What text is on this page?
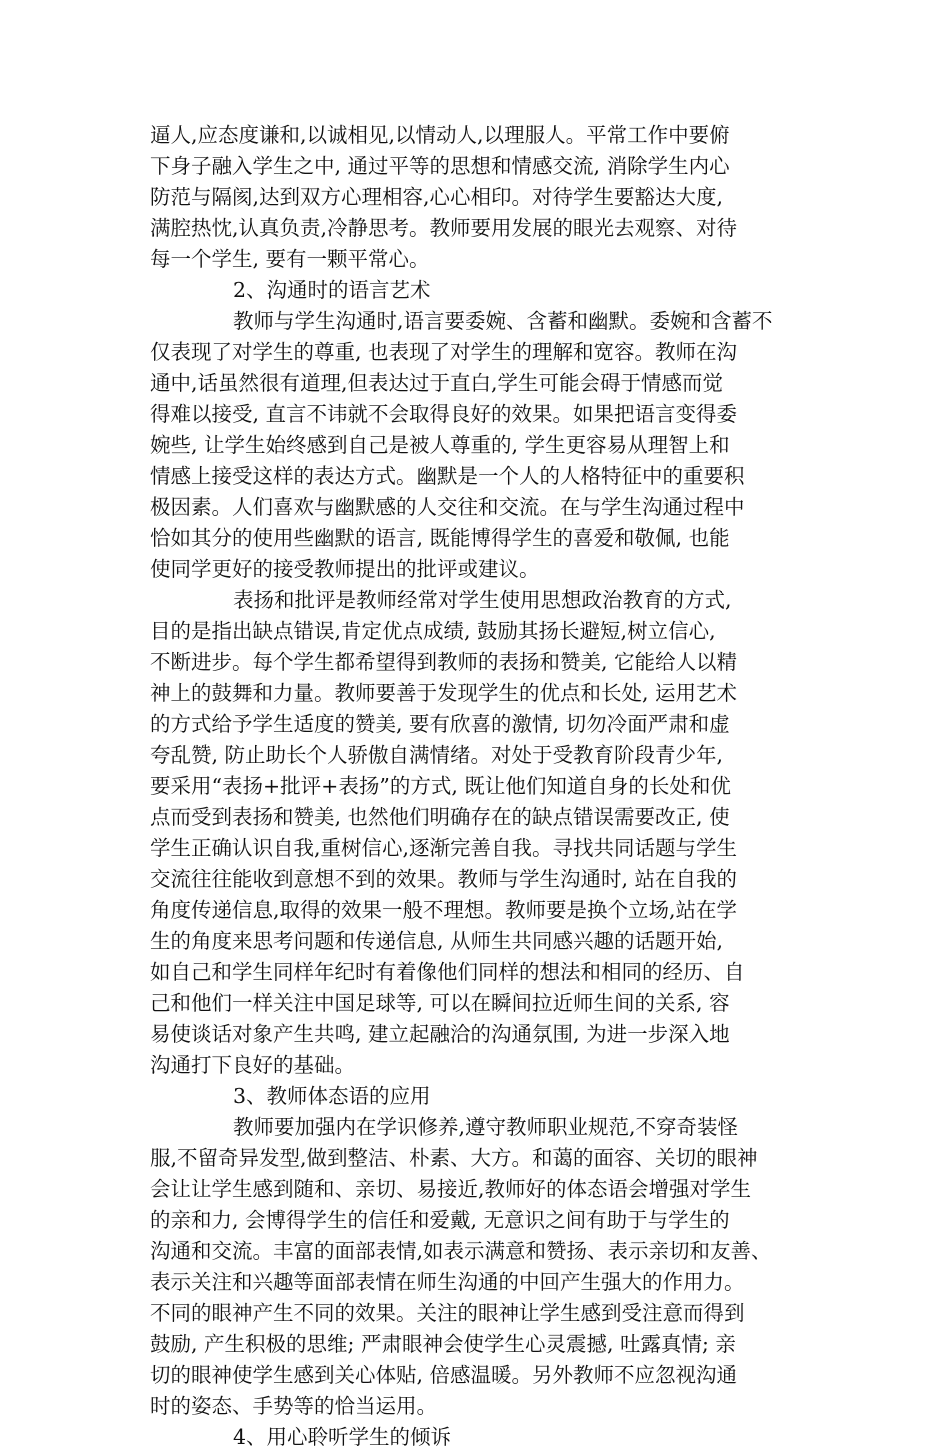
逼人,应态度谦和,以诚相见,以情动人,以理服人。平常工作中要俯
下身子融入学生之中, 通过平等的思想和情感交流, 消除学生内心
防范与隔阂,达到双方心理相容,心心相印。对待学生要豁达大度,
满腔热忱,认真负责,冷静思考。教师要用发展的眼光去观察、对待
每一个学生, 要有一颗平常心。
2、沟通时的语言艺术
教师与学生沟通时,语言要委婉、含蓄和幽默。委婉和含蓄不
仅表现了对学生的尊重, 也表现了对学生的理解和宽容。教师在沟
通中,话虽然很有道理,但表达过于直白,学生可能会碍于情感而觉
得难以接受, 直言不讳就不会取得良好的效果。如果把语言变得委
婉些, 让学生始终感到自己是被人尊重的, 学生更容易从理智上和
情感上接受这样的表达方式。幽默是一个人的人格特征中的重要积
极因素。人们喜欢与幽默感的人交往和交流。在与学生沟通过程中
恰如其分的使用些幽默的语言, 既能博得学生的喜爱和敬佩, 也能
使同学更好的接受教师提出的批评或建议。
表扬和批评是教师经常对学生使用思想政治教育的方式,
目的是指出缺点错误,肯定优点成绩, 鼓励其扬长避短,树立信心,
不断进步。每个学生都希望得到教师的表扬和赞美, 它能给人以精
神上的鼓舞和力量。教师要善于发现学生的优点和长处, 运用艺术
的方式给予学生适度的赞美, 要有欣喜的激情, 切勿冷面严肃和虚
夸乱赞, 防止助长个人骄傲自满情绪。对处于受教育阶段青少年,
要采用“表扬+批评+表扬”的方式, 既让他们知道自身的长处和优
点而受到表扬和赞美, 也然他们明确存在的缺点错误需要改正, 使
学生正确认识自我,重树信心,逐渐完善自我。寻找共同话题与学生
交流往往能收到意想不到的效果。教师与学生沟通时, 站在自我的
角度传递信息,取得的效果一般不理想。教师要是换个立场,站在学
生的角度来思考问题和传递信息, 从师生共同感兴趣的话题开始,
如自己和学生同样年纪时有着像他们同样的想法和相同的经历、自
己和他们一样关注中国足球等, 可以在瞬间拉近师生间的关系, 容
易使谈话对象产生共鸣, 建立起融洽的沟通氛围, 为进一步深入地
沟通打下良好的基础。
3、教师体态语的应用
教师要加强内在学识修养,遵守教师职业规范,不穿奇装怪
服,不留奇异发型,做到整洁、朴素、大方。和蔼的面容、关切的眼神
会让让学生感到随和、亲切、易接近,教师好的体态语会增强对学生
的亲和力, 会博得学生的信任和爱戴, 无意识之间有助于与学生的
沟通和交流。丰富的面部表情,如表示满意和赞扬、表示亲切和友善、
表示关注和兴趣等面部表情在师生沟通的中回产生强大的作用力。
不同的眼神产生不同的效果。关注的眼神让学生感到受注意而得到
鼓励, 产生积极的思维; 严肃眼神会使学生心灵震撼, 吐露真情; 亲
切的眼神使学生感到关心体贴, 倍感温暖。另外教师不应忽视沟通
时的姿态、手势等的恰当运用。
4、用心聆听学生的倾诉
